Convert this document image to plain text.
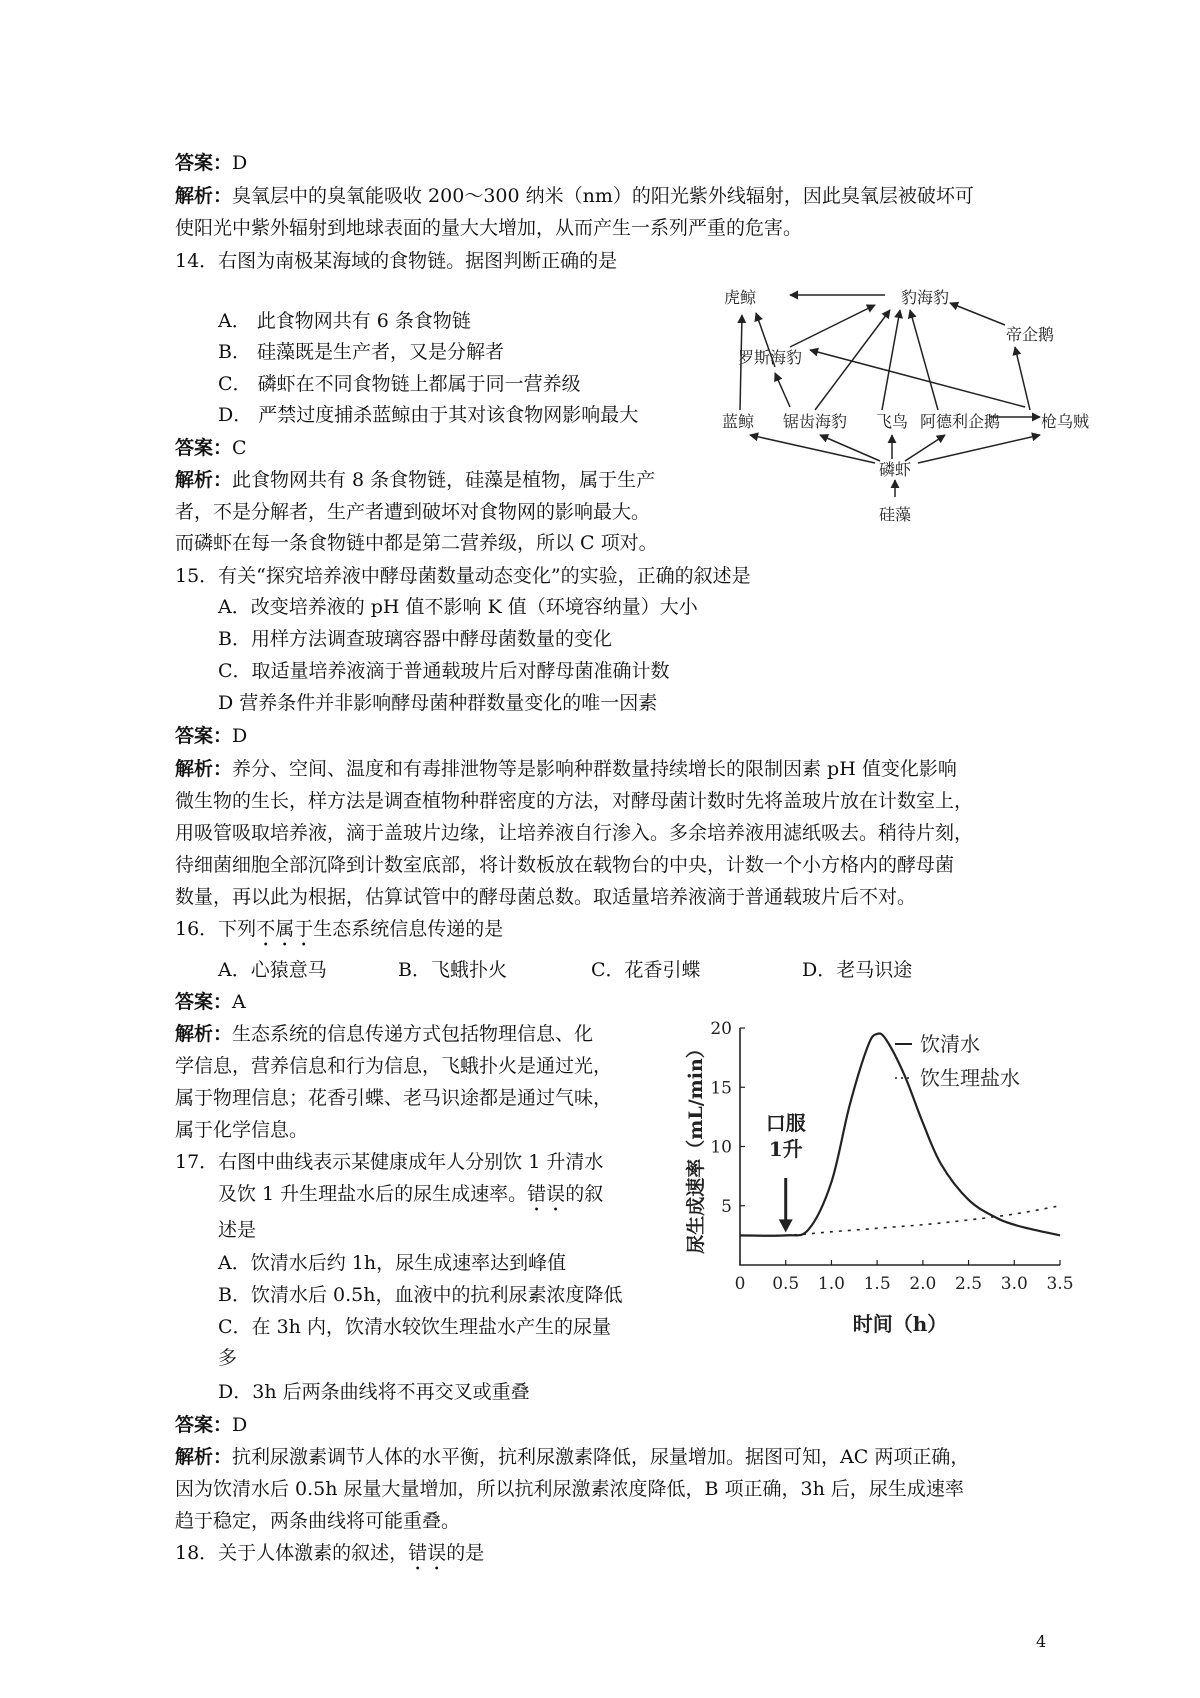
答案：D
解析：臭氧层中的臭氧能吸收 200～300 纳米（nm）的阳光紫外线辐射，因此臭氧层被破坏可
使阳光中紫外辐射到地球表面的量大大增加，从而产生一系列严重的危害。
14．右图为南极某海域的食物链。据图判断正确的是
A． 此食物网共有 6 条食物链
B． 硅藻既是生产者，又是分解者
C． 磷虾在不同食物链上都属于同一营养级
D． 严禁过度捕杀蓝鲸由于其对该食物网影响最大
答案：C
解析：此食物网共有 8 条食物链，硅藻是植物，属于生产
者，不是分解者，生产者遭到破坏对食物网的影响最大。
而磷虾在每一条食物链中都是第二营养级，所以 C 项对。
虎鲸	豹海豹
罗斯海豹
帝企鹅
蓝鲸 锯齿海豹 飞鸟 阿德利企鹅	枪乌贼
磷虾
硅藻
15．有关“探究培养液中酵母菌数量动态变化”的实验，正确的叙述是
A．改变培养液的 pH 值不影响 K 值（环境容纳量）大小
B．用样方法调查玻璃容器中酵母菌数量的变化
C．取适量培养液滴于普通载玻片后对酵母菌准确计数
D 营养条件并非影响酵母菌种群数量变化的唯一因素
答案：D
解析：养分、空间、温度和有毒排泄物等是影响种群数量持续增长的限制因素 pH 值变化影响
微生物的生长，样方法是调查植物种群密度的方法，对酵母菌计数时先将盖玻片放在计数室上，
用吸管吸取培养液，滴于盖玻片边缘，让培养液自行渗入。多余培养液用滤纸吸去。稍待片刻，
待细菌细胞全部沉降到计数室底部，将计数板放在载物台的中央，计数一个小方格内的酵母菌
数量，再以此为根据，估算试管中的酵母菌总数。取适量培养液滴于普通载玻片后不对。
16．下列不属于生态系统信息传递的是
A．心猿意马	B．飞蛾扑火	C．花香引蝶	D．老马识途
答案：A
解析：生态系统的信息传递方式包括物理信息、化
学信息，营养信息和行为信息，飞蛾扑火是通过光，
属于物理信息；花香引蝶、老马识途都是通过气味，
属于化学信息。
17．右图中曲线表示某健康成年人分别饮 1 升清水
及饮 1 升生理盐水后的尿生成速率。错误的叙
述是
A．饮清水后约 1h，尿生成速率达到峰值
B．饮清水后 0.5h，血液中的抗利尿素浓度降低
C．在 3h 内，饮清水较饮生理盐水产生的尿量
多
D．3h 后两条曲线将不再交叉或重叠
答案：D
解析：抗利尿激素调节人体的水平衡，抗利尿激素降低，尿量增加。据图可知，AC 两项正确，
因为饮清水后 0.5h 尿量大量增加，所以抗利尿激素浓度降低，B 项正确，3h 后，尿生成速率
趋于稳定，两条曲线将可能重叠。
18．关于人体激素的叙述，错误的是
4
0 0.5 1.0 1.5 2.0 2.5 3.0 3.5
5
10
15
20
时间（h）
尿生成速率（mL/min）	饮清水
饮生理盐水
口服
1升
